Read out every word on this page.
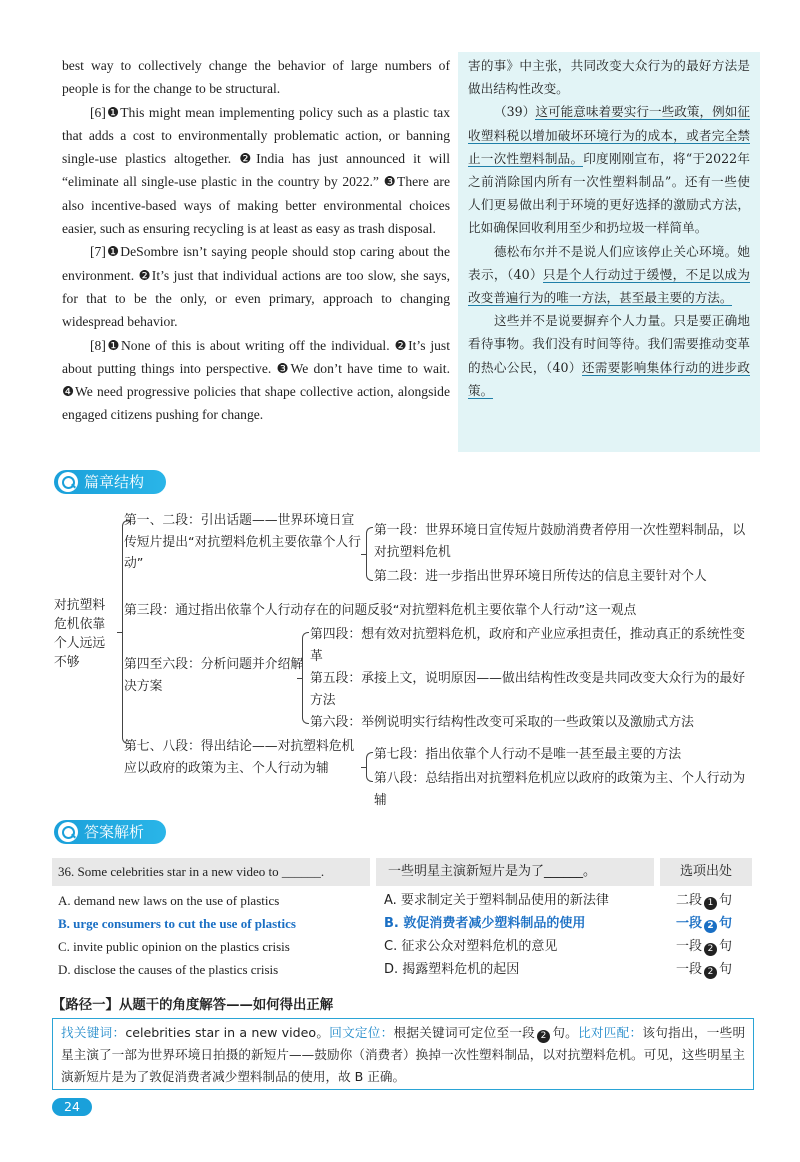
best way to collectively change the behavior of large numbers of people is for the change to be structural.

[6]❶This might mean implementing policy such as a plastic tax that adds a cost to environmentally problematic action, or banning single-use plastics altogether. ❷India has just announced it will “eliminate all single-use plastic in the country by 2022.” ❸There are also incentive-based ways of making better environmental choices easier, such as ensuring recycling is at least as easy as trash disposal.

[7]❶DeSombre isn’t saying people should stop caring about the environment. ❷It’s just that individual actions are too slow, she says, for that to be the only, or even primary, approach to changing widespread behavior.

[8]❶None of this is about writing off the individual. ❷It’s just about putting things into perspective. ❸We don’t have time to wait. ❹We need progressive policies that shape collective action, alongside engaged citizens pushing for change.

害的事》中主张，共同改变大众行为的最好方法是做出结构性改变。

（39）这可能意味着要实行一些政策，例如征收塑料税以增加破坏环境行为的成本，或者完全禁止一次性塑料制品。印度刚刚宣布，将“于2022年之前消除国内所有一次性塑料制品”。还有一些使人们更易做出利于环境的更好选择的激励式方法，比如确保回收利用至少和扔垃圾一样简单。

德松布尔并不是说人们应该停止关心环境。她表示，（40）只是个人行动过于缓慢，不足以成为改变普遍行为的唯一方法，甚至最主要的方法。

这些并不是说要摒弃个人力量。只是要正确地看待事物。我们没有时间等待。我们需要推动变革的热心公民，（40）还需要影响集体行动的进步政策。

篇章结构
对抗塑料危机依靠个人远远不够
第一、二段：引出话题——世界环境日宣传短片提出“对抗塑料危机主要依靠个人行动”
第一段：世界环境日宣传短片鼓励消费者停用一次性塑料制品，以对抗塑料危机
第二段：进一步指出世界环境日所传达的信息主要针对个人
第三段：通过指出依靠个人行动存在的问题反驳“对抗塑料危机主要依靠个人行动”这一观点
第四至六段：分析问题并介绍解决方案
第四段：想有效对抗塑料危机，政府和产业应承担责任，推动真正的系统性变革
第五段：承接上文，说明原因——做出结构性改变是共同改变大众行为的最好方法
第六段：举例说明实行结构性改变可采取的一些政策以及激励式方法
第七、八段：得出结论——对抗塑料危机应以政府的政策为主、个人行动为辅
第七段：指出依靠个人行动不是唯一甚至最主要的方法
第八段：总结指出对抗塑料危机应以政府的政策为主、个人行动为辅
答案解析
36. Some celebrities star in a new video to ______.	一些明星主演新短片是为了______。	选项出处
A. demand new laws on the use of plastics	A. 要求制定关于塑料制品使用的新法律	二段 1 句
B. urge consumers to cut the use of plastics	B. 敦促消费者减少塑料制品的使用	一段 2 句
C. invite public opinion on the plastics crisis	C. 征求公众对塑料危机的意见	一段 2 句
D. disclose the causes of the plastics crisis	D. 揭露塑料危机的起因	一段 2 句
【路径一】从题干的角度解答——如何得出正解
找关键词：celebrities star in a new video。回文定位：根据关键词可定位至一段 2 句。比对匹配：该句指出，一些明星主演了一部为世界环境日拍摄的新短片——鼓励你（消费者）换掉一次性塑料制品，以对抗塑料危机。可见，这些明星主演新短片是为了敦促消费者减少塑料制品的使用，故 B 正确。
24
